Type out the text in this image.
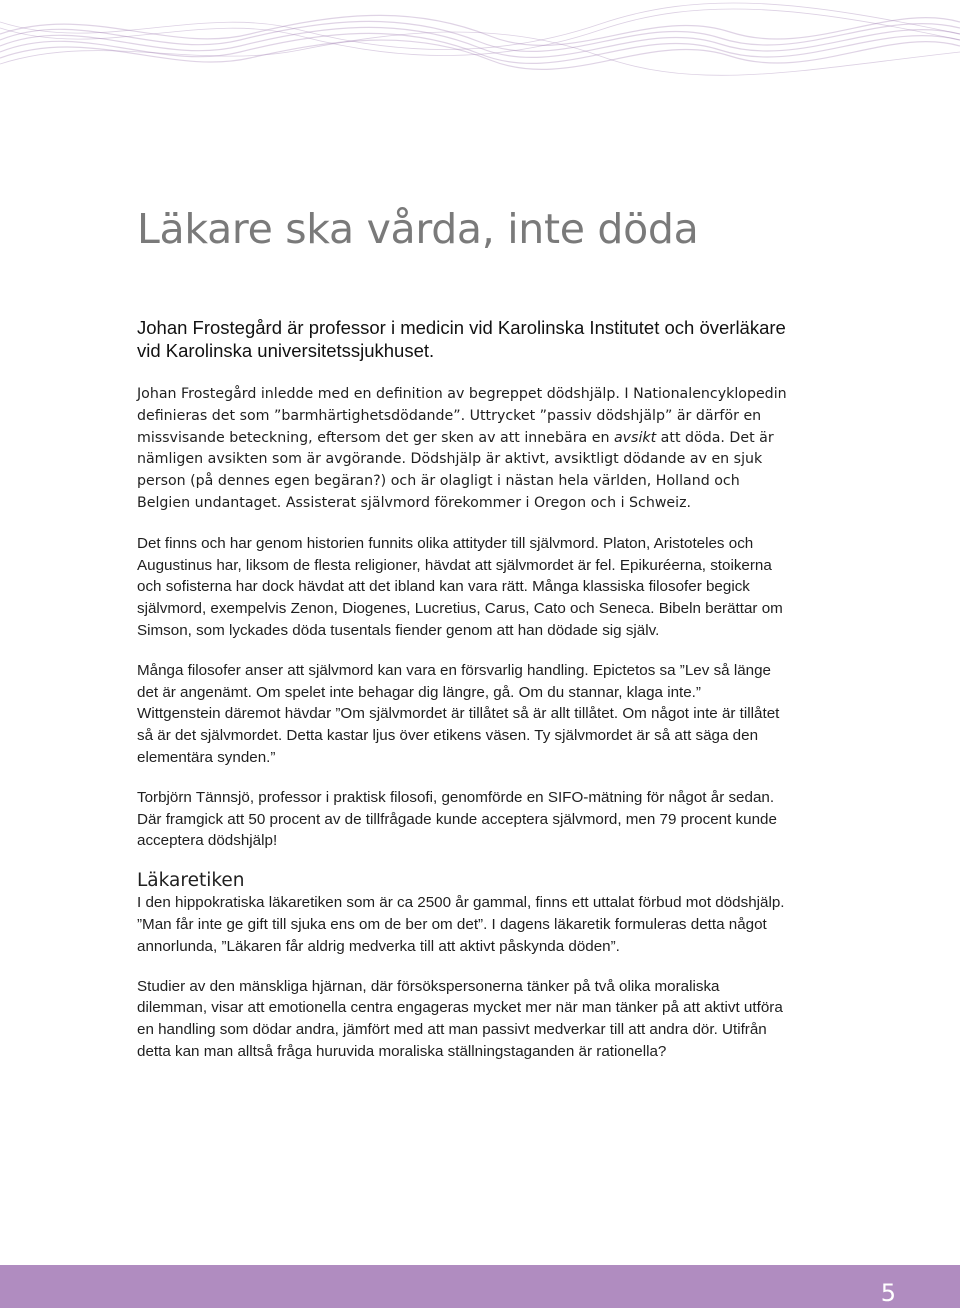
Läkare ska vårda, inte döda

Johan Frostegård är professor i medicin vid Karolinska Institutet och överläkare vid Karolinska universitetssjukhuset.

Johan Frostegård inledde med en definition av begreppet dödshjälp. I Nationalencyklopedin definieras det som ”barmhärtighetsdödande”. Uttrycket ”passiv dödshjälp” är därför en missvisande beteckning, eftersom det ger sken av att innebära en avsikt att döda. Det är nämligen avsikten som är avgörande. Dödshjälp är aktivt, avsiktligt dödande av en sjuk person (på dennes egen begäran?) och är olagligt i nästan hela världen, Holland och Belgien undantaget. Assisterat självmord förekommer i Oregon och i Schweiz.

Det finns och har genom historien funnits olika attityder till självmord. Platon, Aristoteles och Augustinus har, liksom de flesta religioner, hävdat att självmordet är fel. Epikuréerna, stoikerna och sofisterna har dock hävdat att det ibland kan vara rätt. Många klassiska filosofer begick självmord, exempelvis Zenon, Diogenes, Lucretius, Carus, Cato och Seneca. Bibeln berättar om Simson, som lyckades döda tusentals fiender genom att han dödade sig själv.

Många filosofer anser att självmord kan vara en försvarlig handling. Epictetos sa ”Lev så länge det är angenämt. Om spelet inte behagar dig längre, gå. Om du stannar, klaga inte.” Wittgenstein däremot hävdar ”Om självmordet är tillåtet så är allt tillåtet. Om något inte är tillåtet så är det självmordet. Detta kastar ljus över etikens väsen. Ty självmordet är så att säga den elementära synden.”

Torbjörn Tännsjö, professor i praktisk filosofi, genomförde en SIFO-mätning för något år sedan. Där framgick att 50 procent av de tillfrågade kunde acceptera självmord, men 79 procent kunde acceptera dödshjälp!

Läkaretiken

I den hippokratiska läkaretiken som är ca 2500 år gammal, finns ett uttalat förbud mot dödshjälp. ”Man får inte ge gift till sjuka ens om de ber om det”. I dagens läkaretik formuleras detta något annorlunda, ”Läkaren får aldrig medverka till att aktivt påskynda döden”.

Studier av den mänskliga hjärnan, där försökspersonerna tänker på två olika moraliska dilemman, visar att emotionella centra engageras mycket mer när man tänker på att aktivt utföra en handling som dödar andra, jämfört med att man passivt medverkar till att andra dör. Utifrån detta kan man alltså fråga huruvida moraliska ställningstaganden är rationella?

5
